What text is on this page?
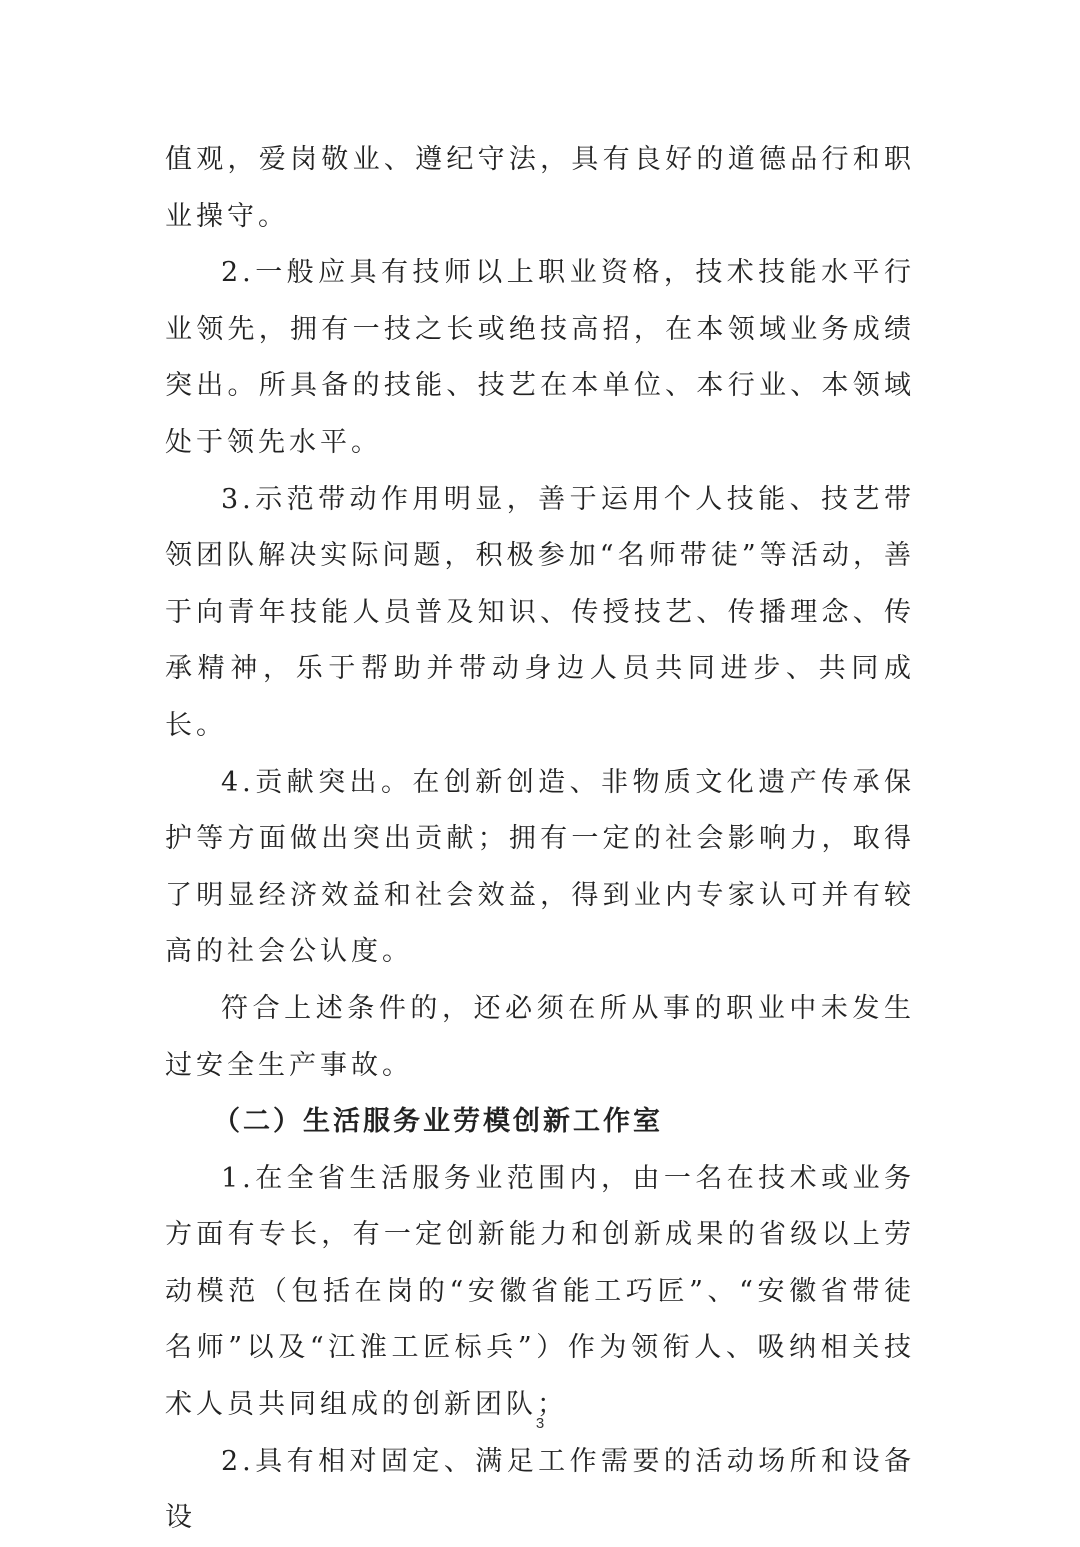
值观，爱岗敬业、遵纪守法，具有良好的道德品行和职业操守。

2.一般应具有技师以上职业资格，技术技能水平行业领先，拥有一技之长或绝技高招，在本领域业务成绩突出。所具备的技能、技艺在本单位、本行业、本领域处于领先水平。

3.示范带动作用明显，善于运用个人技能、技艺带领团队解决实际问题，积极参加“名师带徒”等活动，善于向青年技能人员普及知识、传授技艺、传播理念、传承精神，乐于帮助并带动身边人员共同进步、共同成长。

4.贡献突出。在创新创造、非物质文化遗产传承保护等方面做出突出贡献；拥有一定的社会影响力，取得了明显经济效益和社会效益，得到业内专家认可并有较高的社会公认度。

符合上述条件的，还必须在所从事的职业中未发生过安全生产事故。

（二）生活服务业劳模创新工作室

1.在全省生活服务业范围内，由一名在技术或业务方面有专长，有一定创新能力和创新成果的省级以上劳动模范（包括在岗的“安徽省能工巧匠”、“安徽省带徒名师”以及“江淮工匠标兵”）作为领衔人、吸纳相关技术人员共同组成的创新团队；

2.具有相对固定、满足工作需要的活动场所和设备设

3
